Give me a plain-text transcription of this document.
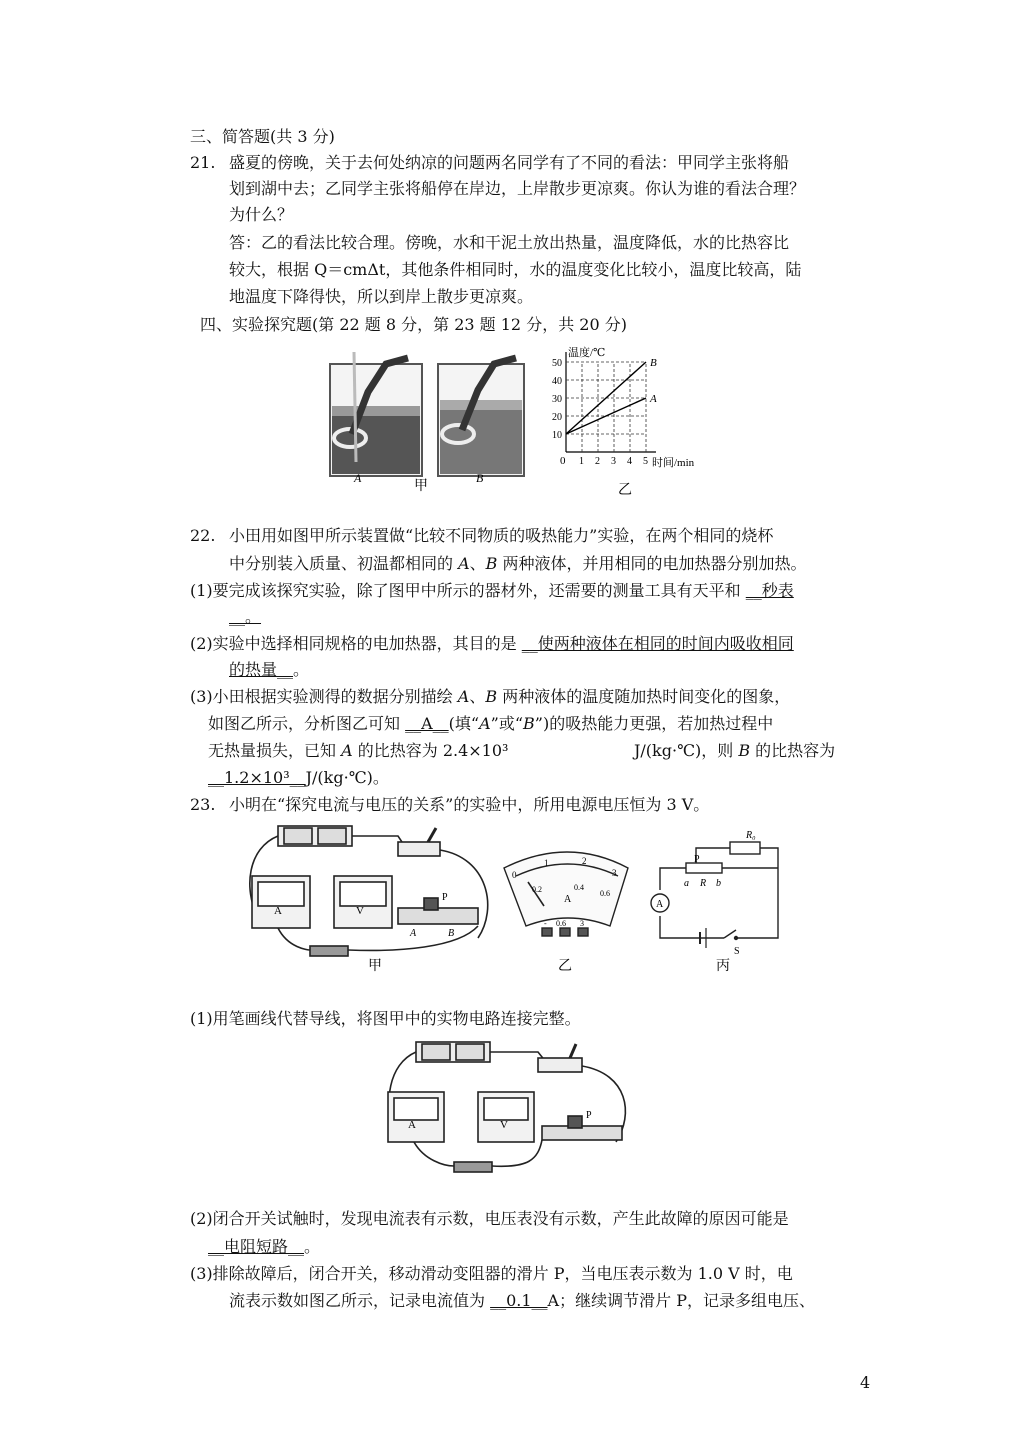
三、简答题(共 3 分)
21. 盛夏的傍晚，关于去何处纳凉的问题两名同学有了不同的看法：甲同学主张将船
划到湖中去；乙同学主张将船停在岸边，上岸散步更凉爽。你认为谁的看法合理？
为什么？
答：乙的看法比较合理。傍晚，水和干泥土放出热量，温度降低，水的比热容比
较大，根据 Q＝cmΔt，其他条件相同时，水的温度变化比较小，温度比较高，陆
地温度下降得快，所以到岸上散步更凉爽。
四、实验探究题(第 22 题 8 分，第 23 题 12 分，共 20 分)
A
甲
B
温度/℃
时间/min
0
10
20
30
40
50
1 2 3 4 5
B
A
乙
22. 小田用如图甲所示装置做“比较不同物质的吸热能力”实验，在两个相同的烧杯
中分别装入质量、初温都相同的 A、B 两种液体，并用相同的电加热器分别加热。
(1)要完成该探究实验，除了图甲中所示的器材外，还需要的测量工具有天平和 __秒表
__。
(2)实验中选择相同规格的电加热器，其目的是 __使两种液体在相同的时间内吸收相同
的热量__。
(3)小田根据实验测得的数据分别描绘 A、B 两种液体的温度随加热时间变化的图象，
如图乙所示，分析图乙可知 __A__(填“A”或“B”)的吸热能力更强，若加热过程中
无热量损失，已知 A 的比热容为 2.4×10³	J/(kg·℃)，则 B 的比热容为
__1.2×10³__J/(kg·℃)。
23. 小明在“探究电流与电压的关系”的实验中，所用电源电压恒为 3 V。
A	V
P
A	B
甲
0
1	2
3
0.2	0.4
0.6
A
- 0.6 3
乙
R₀
P
a R b
A
S
丙
(1)用笔画线代替导线，将图甲中的实物电路连接完整。
A	V
P
(2)闭合开关试触时，发现电流表有示数，电压表没有示数，产生此故障的原因可能是
__电阻短路__。
(3)排除故障后，闭合开关，移动滑动变阻器的滑片 P，当电压表示数为 1.0 V 时，电
流表示数如图乙所示，记录电流值为 __0.1__A；继续调节滑片 P，记录多组电压、
4
